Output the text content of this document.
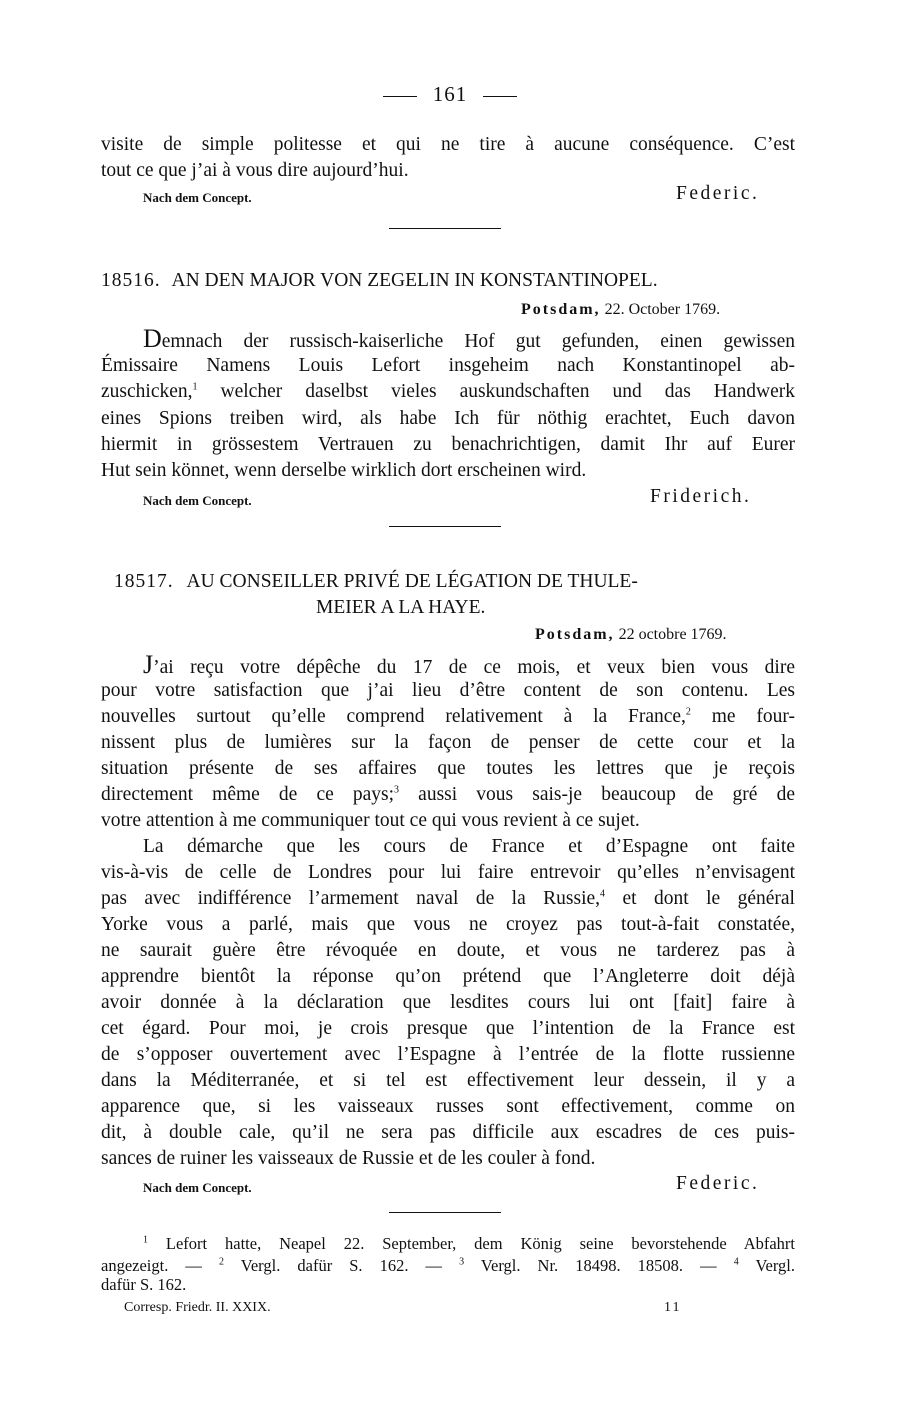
161
visite de simple politesse et qui ne tire à aucune conséquence. C’est
tout ce que j’ai à vous dire aujourd’hui.
Nach dem Concept.	Federic.
18516. AN DEN MAJOR VON ZEGELIN IN KONSTANTINOPEL.
Potsdam, 22. October 1769.
Demnach der russisch-kaiserliche Hof gut gefunden, einen gewissen
Émissaire Namens Louis Lefort insgeheim nach Konstantinopel ab-
zuschicken,$^1$ welcher daselbst vieles auskundschaften und das Handwerk
eines Spions treiben wird, als habe Ich für nöthig erachtet, Euch davon
hiermit in grössestem Vertrauen zu benachrichtigen, damit Ihr auf Eurer
Hut sein könnet, wenn derselbe wirklich dort erscheinen wird.
Nach dem Concept.	Friderich.
18517. AU CONSEILLER PRIVÉ DE LÉGATION DE THULE-
MEIER A LA HAYE.
Potsdam, 22 octobre 1769.
J’ai reçu votre dépêche du 17 de ce mois, et veux bien vous dire
pour votre satisfaction que j’ai lieu d’être content de son contenu. Les
nouvelles surtout qu’elle comprend relativement à la France,$^2$ me four-
nissent plus de lumières sur la façon de penser de cette cour et la
situation présente de ses affaires que toutes les lettres que je reçois
directement même de ce pays;$^3$ aussi vous sais-je beaucoup de gré de
votre attention à me communiquer tout ce qui vous revient à ce sujet.
La démarche que les cours de France et d’Espagne ont faite
vis-à-vis de celle de Londres pour lui faire entrevoir qu’elles n’envisagent
pas avec indifférence l’armement naval de la Russie,$^4$ et dont le général
Yorke vous a parlé, mais que vous ne croyez pas tout-à-fait constatée,
ne saurait guère être révoquée en doute, et vous ne tarderez pas à
apprendre bientôt la réponse qu’on prétend que l’Angleterre doit déjà
avoir donnée à la déclaration que lesdites cours lui ont [fait] faire à
cet égard. Pour moi, je crois presque que l’intention de la France est
de s’opposer ouvertement avec l’Espagne à l’entrée de la flotte russienne
dans la Méditerranée, et si tel est effectivement leur dessein, il y a
apparence que, si les vaisseaux russes sont effectivement, comme on
dit, à double cale, qu’il ne sera pas difficile aux escadres de ces puis-
sances de ruiner les vaisseaux de Russie et de les couler à fond.
Nach dem Concept.	Federic.
$^1$ Lefort hatte, Neapel 22. September, dem König seine bevorstehende Abfahrt
angezeigt. — $^2$ Vergl. dafür S. 162. — $^3$ Vergl. Nr. 18498. 18508. — $^4$ Vergl.
dafür S. 162.
Corresp. Friedr. II. XXIX.	11
